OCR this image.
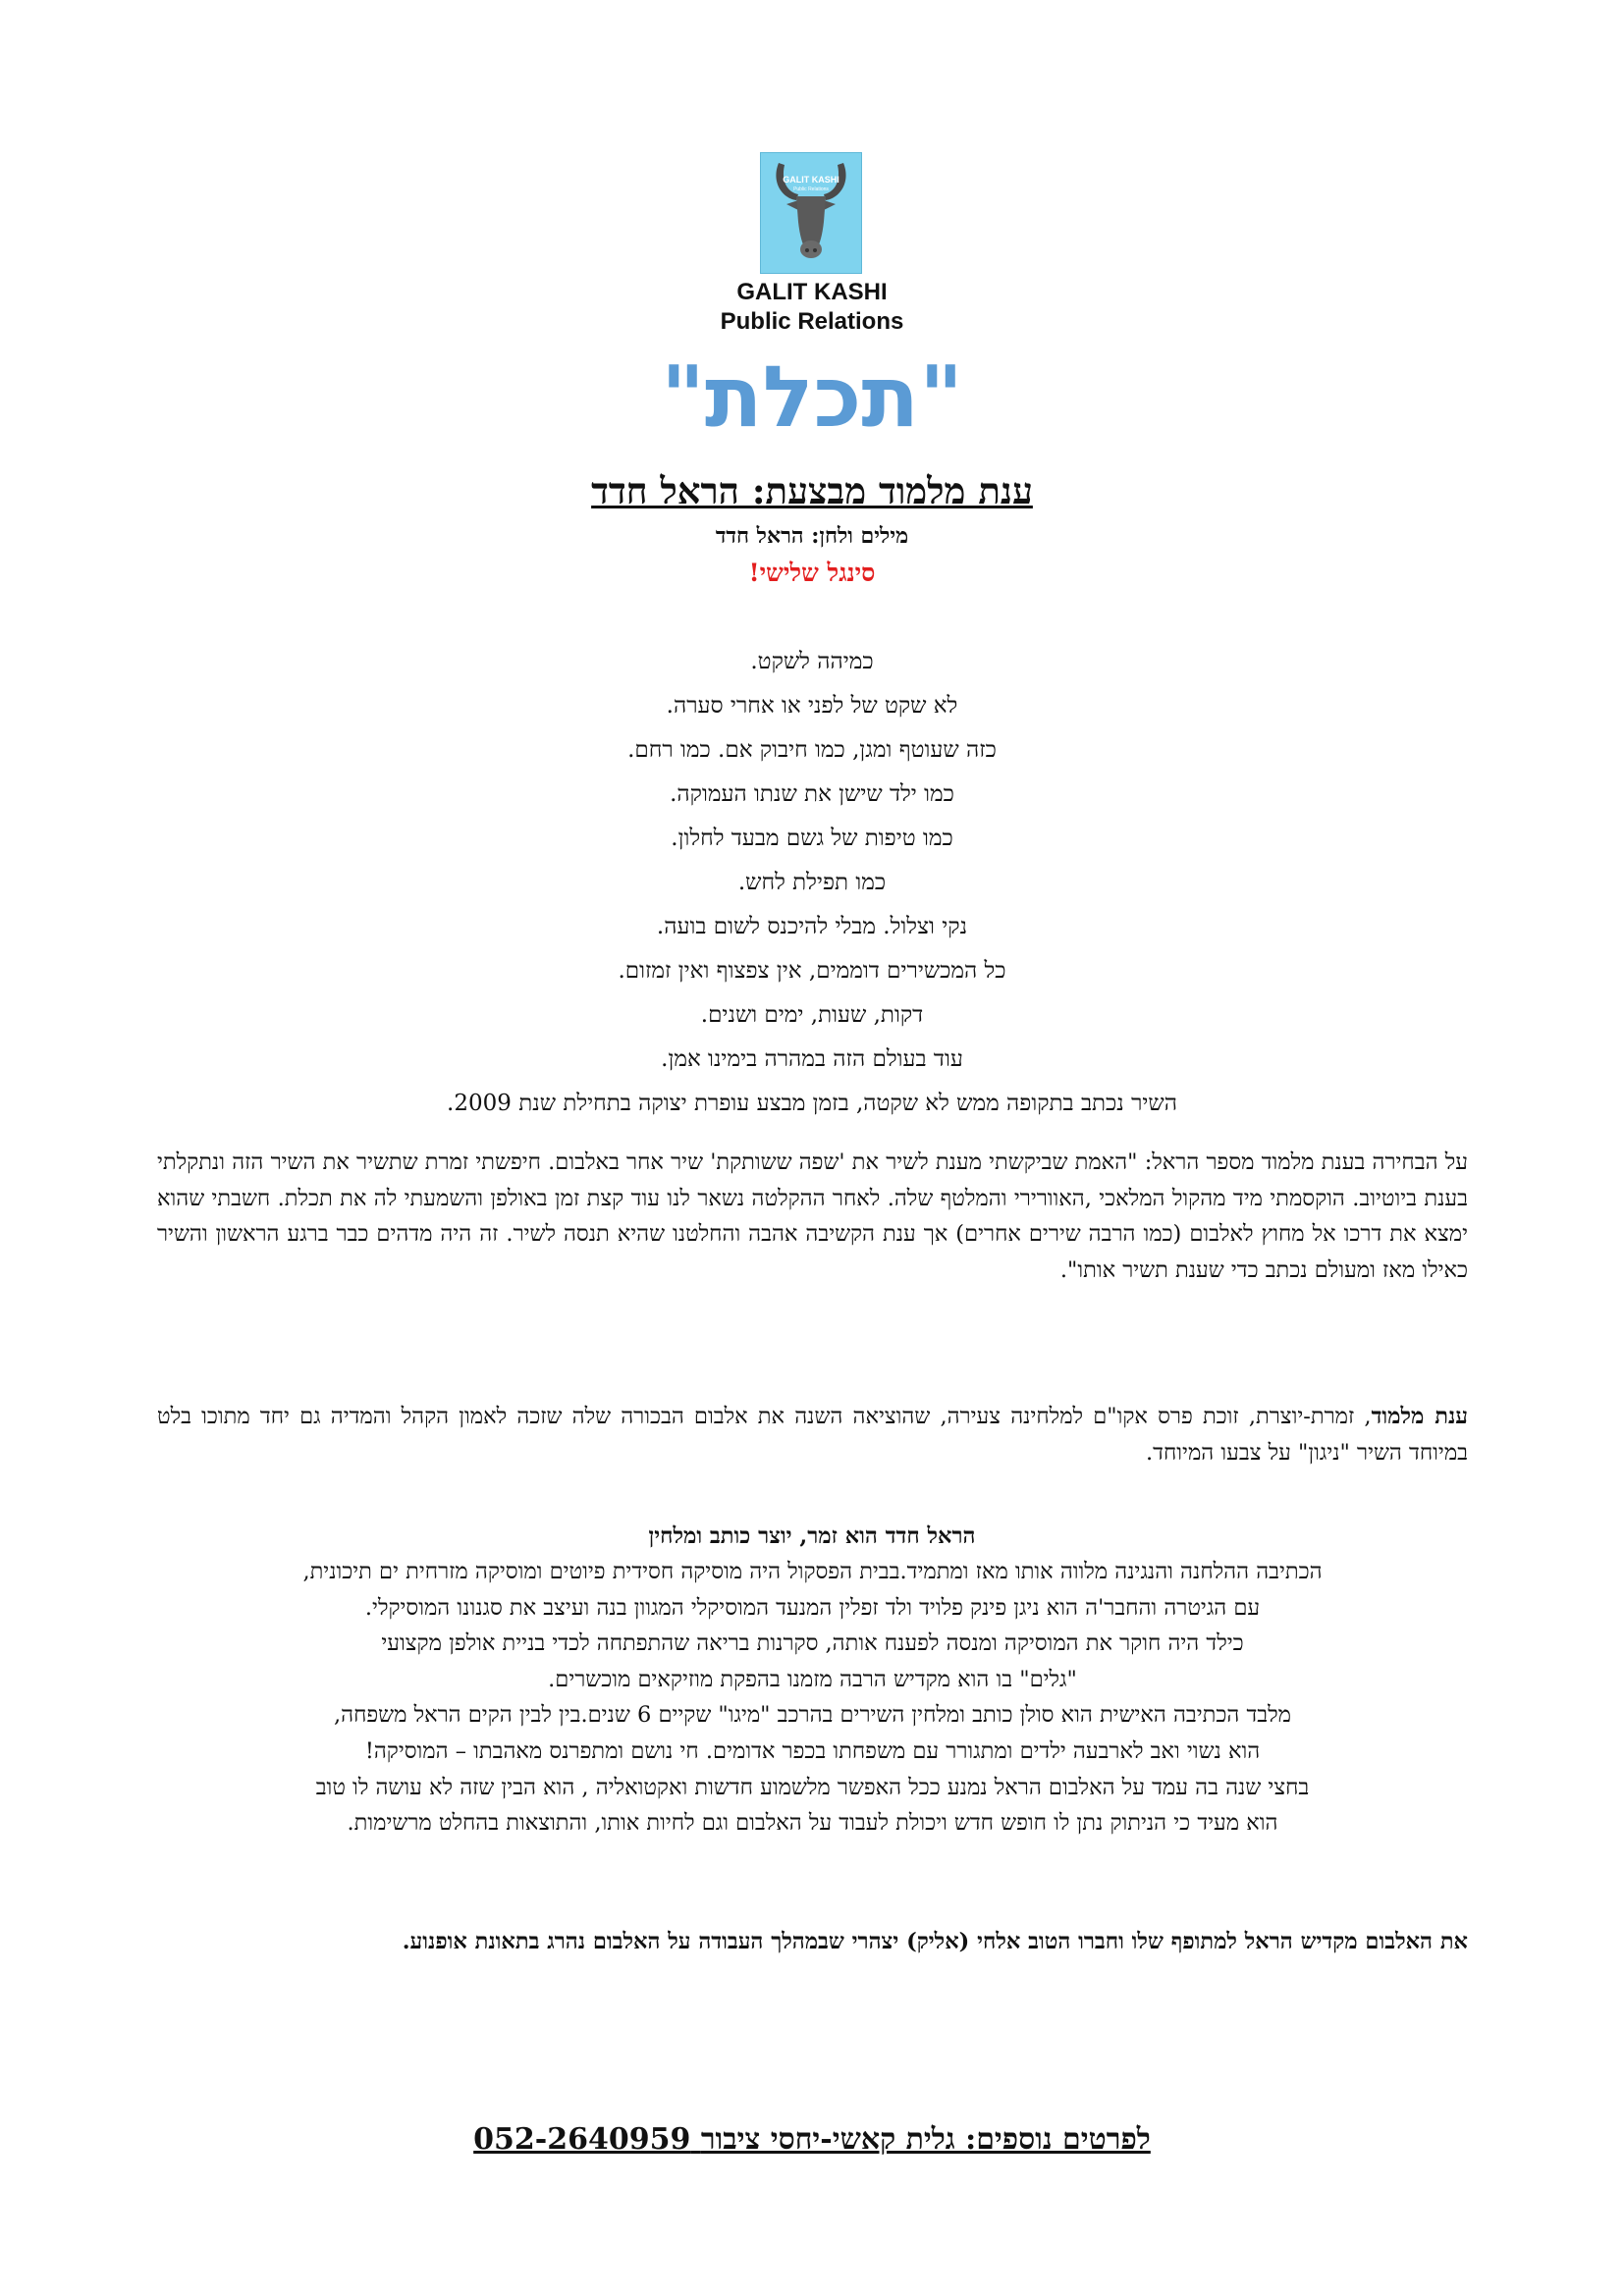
GALIT KASHI
Public Relations
GALIT KASHI
Public Relations
"תכלת"
ענת מלמוד מבצעת: הראל חדד
מילים ולחן: הראל חדד
סינגל שלישי!
כמיהה לשקט.
לא שקט של לפני או אחרי סערה.
כזה שעוטף ומגן, כמו חיבוק אם. כמו רחם.
כמו ילד שישן את שנתו העמוקה.
כמו טיפות של גשם מבעד לחלון.
כמו תפילת לחש.
נקי וצלול. מבלי להיכנס לשום בועה.
כל המכשירים דוממים, אין צפצוף ואין זמזום.
דקות, שעות, ימים ושנים.
עוד בעולם הזה במהרה בימינו אמן.
השיר נכתב בתקופה ממש לא שקטה, בזמן מבצע עופרת יצוקה בתחילת שנת 2009.
על הבחירה בענת מלמוד מספר הראל: "האמת שביקשתי מענת לשיר את 'שפה ששותקת' שיר אחר באלבום. חיפשתי זמרת שתשיר את השיר הזה ונתקלתי בענת ביוטיוב. הוקסמתי מיד מהקול המלאכי ,האוורירי והמלטף שלה. לאחר ההקלטה נשאר לנו עוד קצת זמן באולפן והשמעתי לה את תכלת. חשבתי שהוא ימצא את דרכו אל מחוץ לאלבום (כמו הרבה שירים אחרים) אך ענת הקשיבה אהבה והחלטנו שהיא תנסה לשיר. זה היה מדהים כבר ברגע הראשון והשיר כאילו מאז ומעולם נכתב כדי שענת תשיר אותו".
ענת מלמוד, זמרת-יוצרת, זוכת פרס אקו"ם למלחינה צעירה, שהוציאה השנה את אלבום הבכורה שלה שזכה לאמון הקהל והמדיה גם יחד מתוכו בלט במיוחד השיר "ניגון" על צבעו המיוחד.
הראל חדד הוא זמר, יוצר כותב ומלחין
הכתיבה ההלחנה והנגינה מלווה אותו מאז ומתמיד.בבית הפסקול היה מוסיקה חסידית פיוטים ומוסיקה מזרחית ים תיכונית,
עם הגיטרה והחבר'ה הוא ניגן פינק פלויד ולד זפלין המנעד המוסיקלי המגוון בנה ועיצב את סגנונו המוסיקלי.
כילד היה חוקר את המוסיקה ומנסה לפענח אותה, סקרנות בריאה שהתפתחה לכדי בניית אולפן מקצועי
"גלים" בו הוא מקדיש הרבה מזמנו בהפקת מוזיקאים מוכשרים.
מלבד הכתיבה האישית הוא סולן כותב ומלחין השירים בהרכב "מיגו" שקיים 6 שנים.בין לבין הקים הראל משפחה,
הוא נשוי ואב לארבעה ילדים ומתגורר עם משפחתו בכפר אדומים. חי נושם ומתפרנס מאהבתו – המוסיקה!
בחצי שנה בה עמד על האלבום הראל נמנע ככל האפשר מלשמוע חדשות ואקטואליה , הוא הבין שזה לא עושה לו טוב
הוא מעיד כי הניתוק נתן לו חופש חדש ויכולת לעבוד על האלבום וגם לחיות אותו, והתוצאות בהחלט מרשימות.
את האלבום מקדיש הראל למתופף שלו וחברו הטוב אלחי (אליק) יצהרי שבמהלך העבודה על האלבום נהרג בתאונת אופנוע.
לפרטים נוספים: גלית קאשי-יחסי ציבור 052-2640959
